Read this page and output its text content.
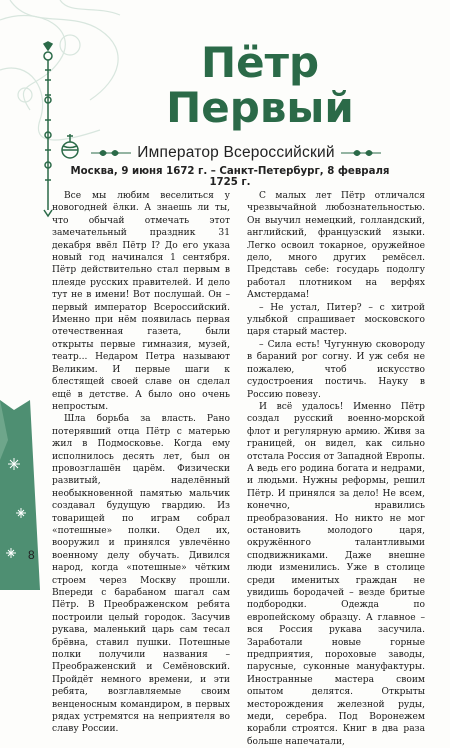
Пётр
Первый
Император Всероссийский

Москва, 9 июня 1672 г. – Санкт-Петербург, 8 февраля 1725 г.

Все мы любим веселиться у новогодней ёлки. А знаешь ли ты, что обычай отмечать этот замечательный праздник 31 декабря ввёл Пётр I? До его указа новый год начинался 1 сентября. Пётр действительно стал первым в плеяде русских правителей. И дело тут не в имени! Вот послушай. Он – первый император Всероссийский. Именно при нём появилась первая отечественная газета, были открыты первые гимназия, музей, театр... Недаром Петра называют Великим. И первые шаги к блестящей своей славе он сделал ещё в детстве. А было оно очень непростым.

Шла борьба за власть. Рано потерявший отца Пётр с матерью жил в Подмосковье. Когда ему исполнилось десять лет, был он провозглашён царём. Физически развитый, наделённый необыкновенной памятью мальчик создавал будущую гвардию. Из товарищей по играм собрал «потешные» полки. Одел их, вооружил и принялся увлечённо военному делу обучать. Дивился народ, когда «потешные» чётким строем через Москву прошли. Впереди с барабаном шагал сам Пётр. В Преображенском ребята построили целый городок. Засучив рукава, маленький царь сам тесал брёвна, ставил пушки. Потешные полки получили названия – Преображенский и Семёновский. Пройдёт немного времени, и эти ребята, возглавляемые своим венценосным командиром, в первых рядах устремятся на неприятеля во славу России.

С малых лет Пётр отличался чрезвычайной любознательностью. Он выучил немецкий, голландский, английский, французский языки. Легко освоил токарное, оружейное дело, много других ремёсел. Представь себе: государь подолгу работал плотником на верфях Амстердама!

– Не устал, Питер? – с хитрой улыбкой спрашивает московского царя старый мастер.

– Сила есть! Чугунную сковороду в бараний рог согну. И уж себя не пожалею, чтоб искусство судостроения постичь. Науку в Россию повезу.

И всё удалось! Именно Пётр создал русский военно-морской флот и регулярную армию. Живя за границей, он видел, как сильно отстала Россия от Западной Европы. А ведь его родина богата и недрами, и людьми. Нужны реформы, решил Пётр. И принялся за дело! Не всем, конечно, нравились преобразования. Но никто не мог остановить молодого царя, окружённого талантливыми сподвижниками. Даже внешне люди изменились. Уже в столице среди именитых граждан не увидишь бородачей – везде бритые подбородки. Одежда по европейскому образцу. А главное – вся Россия рукава засучила. Заработали новые горные предприятия, пороховые заводы, парусные, суконные мануфактуры. Иностранные мастера своим опытом делятся. Открыты месторождения железной руды, меди, серебра. Под Воронежем корабли строятся. Книг в два раза больше напечатали,

8
